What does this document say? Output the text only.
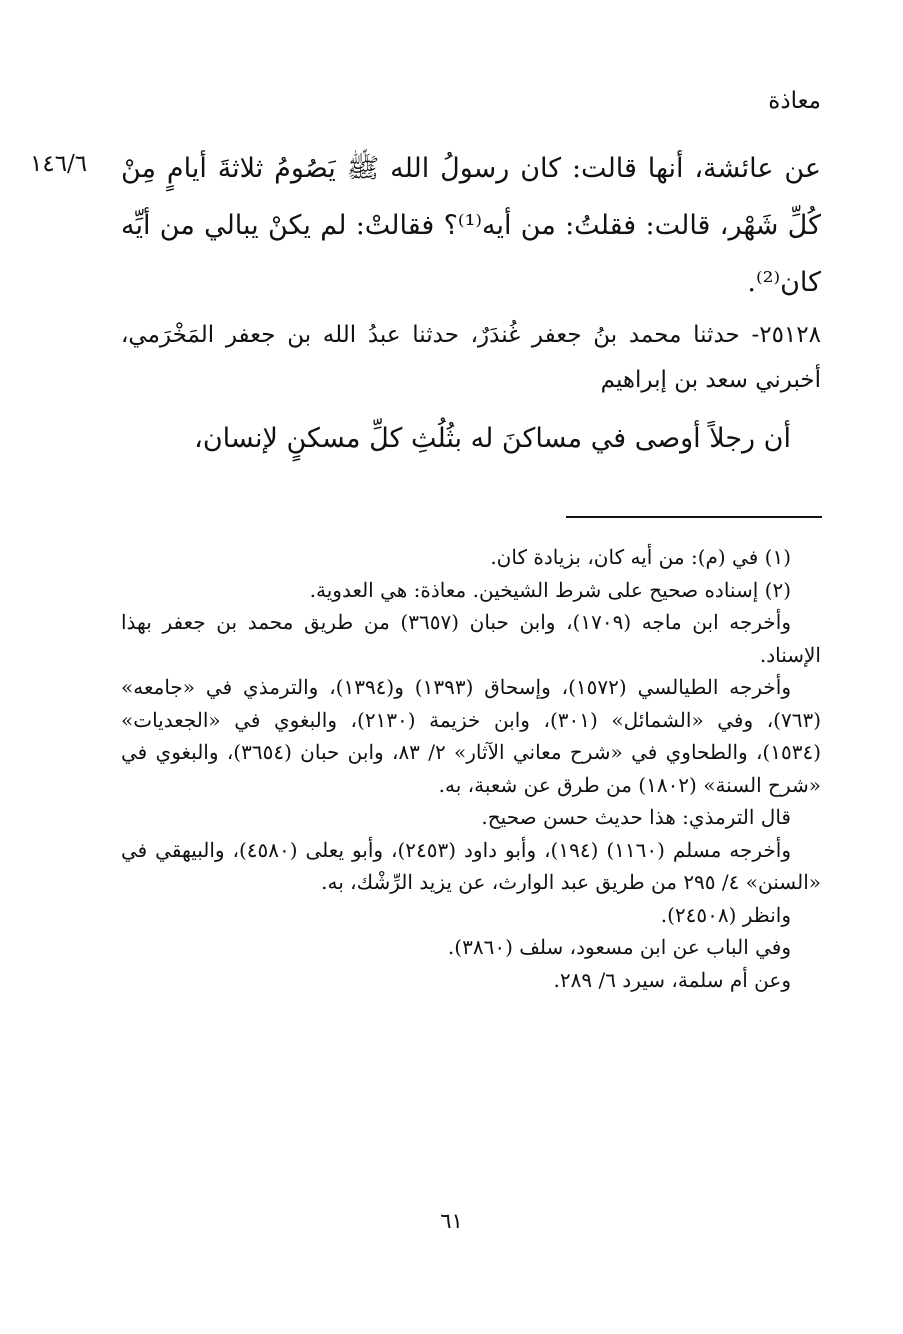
معاذة
١٤٦/٦ عن عائشة، أنها قالت: كان رسولُ الله ﷺ يَصُومُ ثلاثةَ أيامٍ مِنْ كُلِّ شَهْر، قالت: فقلتُ: من أيه⁽¹⁾؟ فقالتْ: لم يكنْ يبالي من أيِّه كان⁽²⁾.

٢٥١٢٨- حدثنا محمد بنُ جعفر غُندَرٌ، حدثنا عبدُ الله بن جعفر المَخْرَمي، أخبرني سعد بن إبراهيم

أن رجلاً أوصى في مساكنَ له بثُلُثِ كلِّ مسكنٍ لإنسان،

(١) في (م): من أيه كان، بزيادة كان.

(٢) إسناده صحيح على شرط الشيخين. معاذة: هي العدوية.

وأخرجه ابن ماجه (١٧٠٩)، وابن حبان (٣٦٥٧) من طريق محمد بن جعفر بهذا الإسناد.

وأخرجه الطيالسي (١٥٧٢)، وإسحاق (١٣٩٣) و(١٣٩٤)، والترمذي في «جامعه» (٧٦٣)، وفي «الشمائل» (٣٠١)، وابن خزيمة (٢١٣٠)، والبغوي في «الجعديات» (١٥٣٤)، والطحاوي في «شرح معاني الآثار» ٢/ ٨٣، وابن حبان (٣٦٥٤)، والبغوي في «شرح السنة» (١٨٠٢) من طرق عن شعبة، به.

قال الترمذي: هذا حديث حسن صحيح.

وأخرجه مسلم (١١٦٠) (١٩٤)، وأبو داود (٢٤٥٣)، وأبو يعلى (٤٥٨٠)، والبيهقي في «السنن» ٤/ ٢٩٥ من طريق عبد الوارث، عن يزيد الرِّشْك، به.

وانظر (٢٤٥٠٨).

وفي الباب عن ابن مسعود، سلف (٣٨٦٠).

وعن أم سلمة، سيرد ٦/ ٢٨٩.

٦١
